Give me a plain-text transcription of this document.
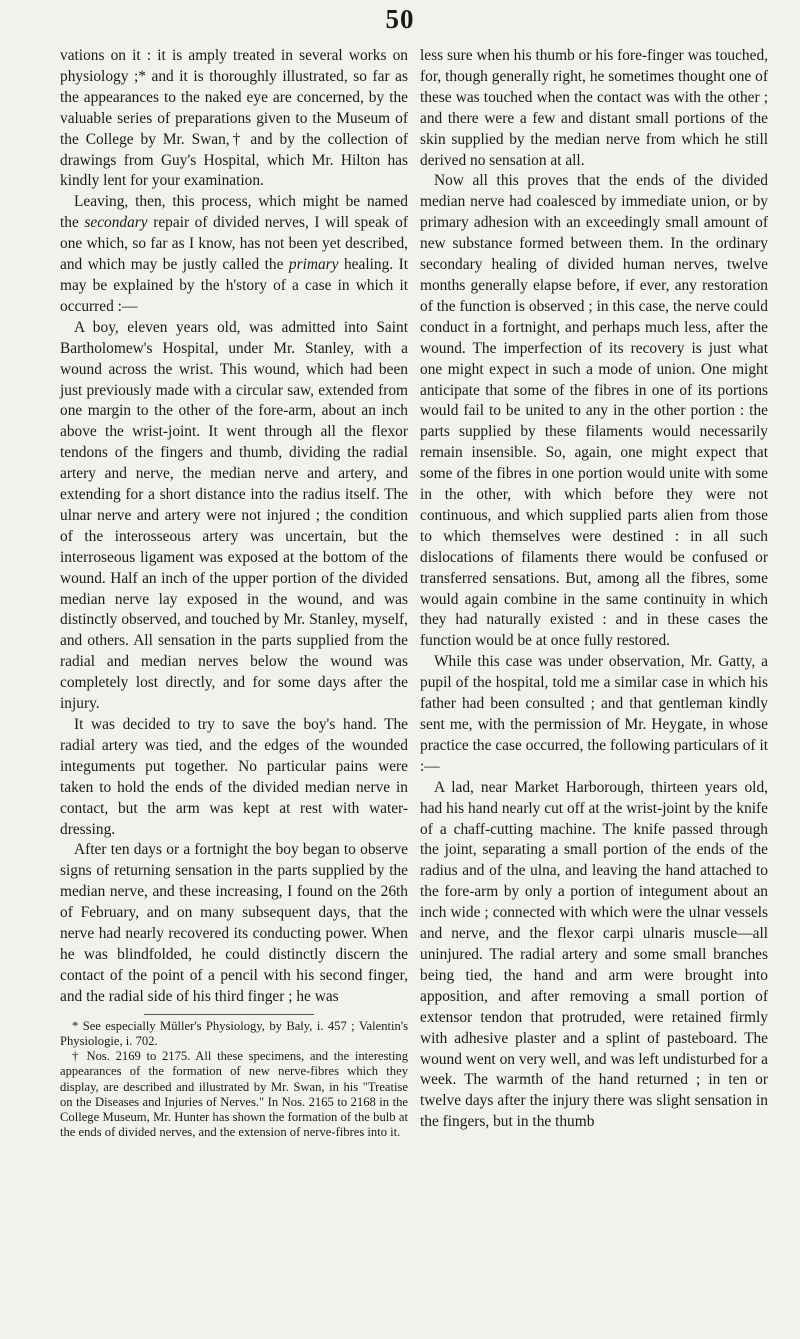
50

vations on it : it is amply treated in several works on physiology ;* and it is thoroughly illustrated, so far as the appearances to the naked eye are concerned, by the valuable series of preparations given to the Museum of the College by Mr. Swan,† and by the collection of drawings from Guy's Hospital, which Mr. Hilton has kindly lent for your examination.

Leaving, then, this process, which might be named the secondary repair of divided nerves, I will speak of one which, so far as I know, has not been yet described, and which may be justly called the primary healing. It may be explained by the h'story of a case in which it occurred :—

A boy, eleven years old, was admitted into Saint Bartholomew's Hospital, under Mr. Stanley, with a wound across the wrist. This wound, which had been just previously made with a circular saw, extended from one margin to the other of the fore-arm, about an inch above the wrist-joint. It went through all the flexor tendons of the fingers and thumb, dividing the radial artery and nerve, the median nerve and artery, and extending for a short distance into the radius itself. The ulnar nerve and artery were not injured ; the condition of the interosseous artery was uncertain, but the interroseous ligament was exposed at the bottom of the wound. Half an inch of the upper portion of the divided median nerve lay exposed in the wound, and was distinctly observed, and touched by Mr. Stanley, myself, and others. All sensation in the parts supplied from the radial and median nerves below the wound was completely lost directly, and for some days after the injury.

It was decided to try to save the boy's hand. The radial artery was tied, and the edges of the wounded integuments put together. No particular pains were taken to hold the ends of the divided median nerve in contact, but the arm was kept at rest with water-dressing.

After ten days or a fortnight the boy began to observe signs of returning sensation in the parts supplied by the median nerve, and these increasing, I found on the 26th of February, and on many subsequent days, that the nerve had nearly recovered its conducting power. When he was blindfolded, he could distinctly discern the contact of the point of a pencil with his second finger, and the radial side of his third finger ; he was

* See especially Müller's Physiology, by Baly, i. 457 ; Valentin's Physiologie, i. 702.

† Nos. 2169 to 2175. All these specimens, and the interesting appearances of the formation of new nerve-fibres which they display, are described and illustrated by Mr. Swan, in his "Treatise on the Diseases and Injuries of Nerves." In Nos. 2165 to 2168 in the College Museum, Mr. Hunter has shown the formation of the bulb at the ends of divided nerves, and the extension of nerve-fibres into it.

less sure when his thumb or his fore-finger was touched, for, though generally right, he sometimes thought one of these was touched when the contact was with the other ; and there were a few and distant small portions of the skin supplied by the median nerve from which he still derived no sensation at all.

Now all this proves that the ends of the divided median nerve had coalesced by immediate union, or by primary adhesion with an exceedingly small amount of new substance formed between them. In the ordinary secondary healing of divided human nerves, twelve months generally elapse before, if ever, any restoration of the function is observed ; in this case, the nerve could conduct in a fortnight, and perhaps much less, after the wound. The imperfection of its recovery is just what one might expect in such a mode of union. One might anticipate that some of the fibres in one of its portions would fail to be united to any in the other portion : the parts supplied by these filaments would necessarily remain insensible. So, again, one might expect that some of the fibres in one portion would unite with some in the other, with which before they were not continuous, and which supplied parts alien from those to which themselves were destined : in all such dislocations of filaments there would be confused or transferred sensations. But, among all the fibres, some would again combine in the same continuity in which they had naturally existed : and in these cases the function would be at once fully restored.

While this case was under observation, Mr. Gatty, a pupil of the hospital, told me a similar case in which his father had been consulted ; and that gentleman kindly sent me, with the permission of Mr. Heygate, in whose practice the case occurred, the following particulars of it :—

A lad, near Market Harborough, thirteen years old, had his hand nearly cut off at the wrist-joint by the knife of a chaff-cutting machine. The knife passed through the joint, separating a small portion of the ends of the radius and of the ulna, and leaving the hand attached to the fore-arm by only a portion of integument about an inch wide ; connected with which were the ulnar vessels and nerve, and the flexor carpi ulnaris muscle—all uninjured. The radial artery and some small branches being tied, the hand and arm were brought into apposition, and after removing a small portion of extensor tendon that protruded, were retained firmly with adhesive plaster and a splint of pasteboard. The wound went on very well, and was left undisturbed for a week. The warmth of the hand returned ; in ten or twelve days after the injury there was slight sensation in the fingers, but in the thumb
